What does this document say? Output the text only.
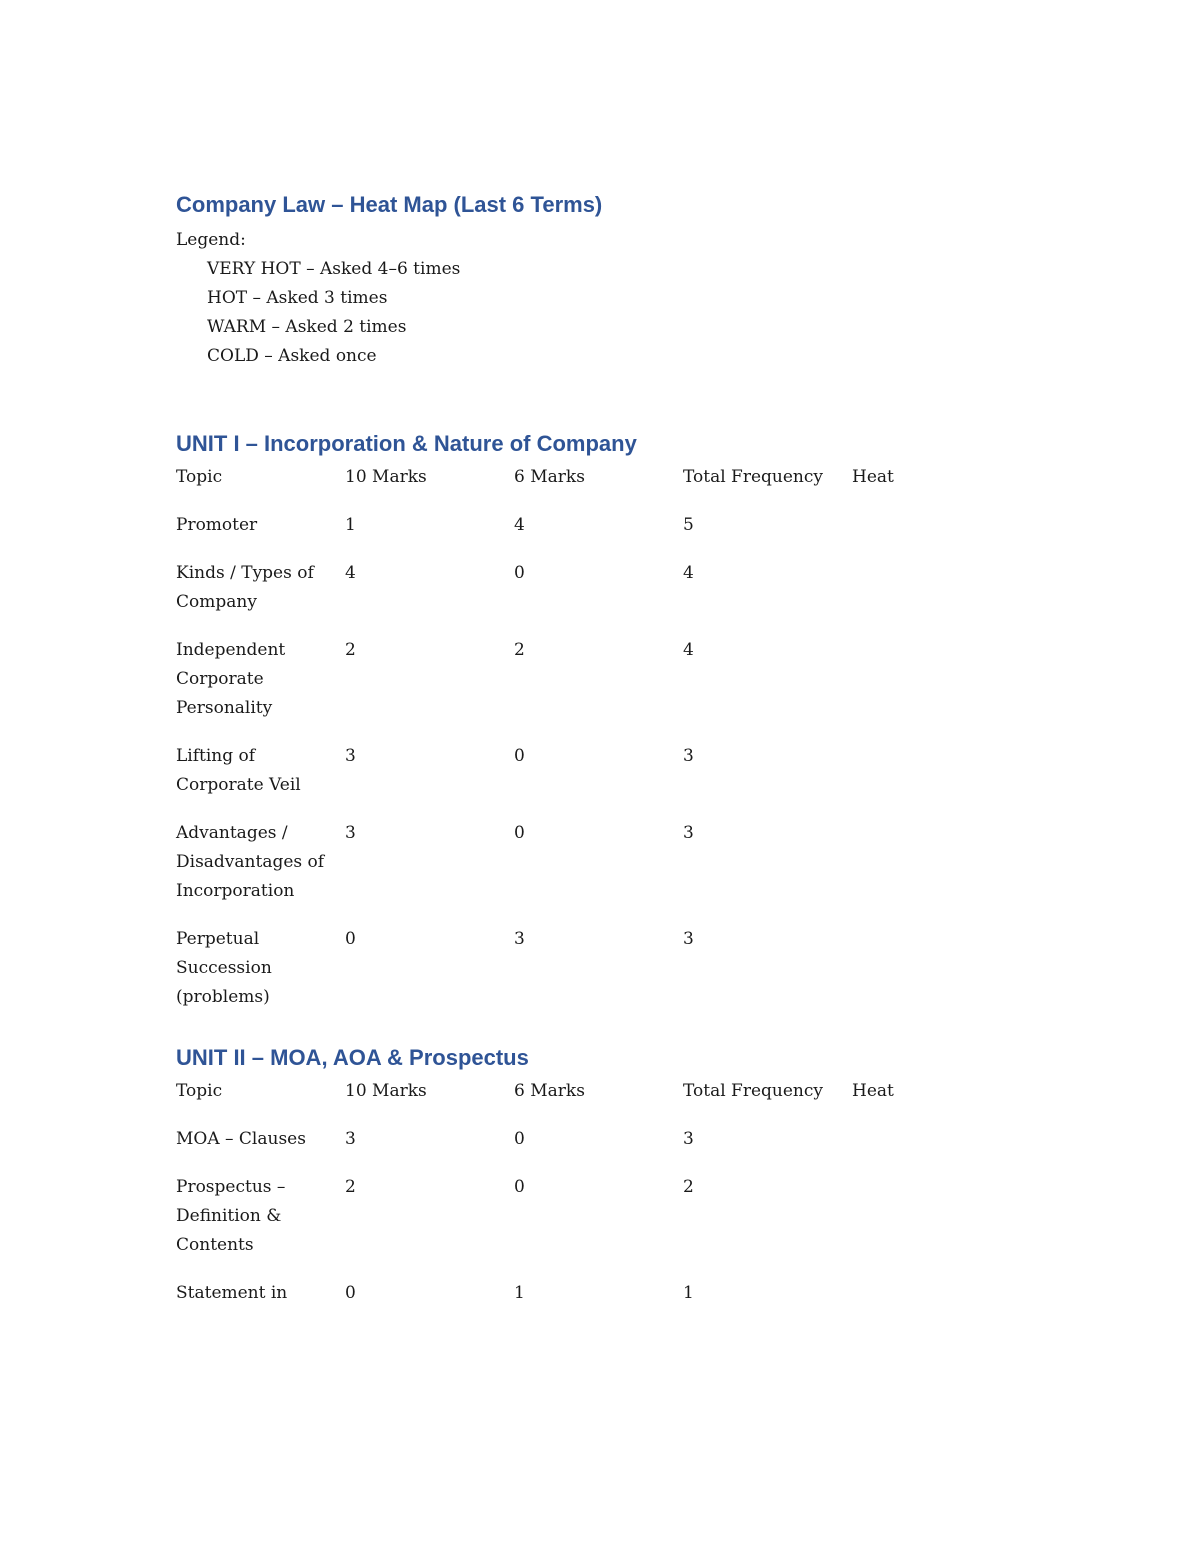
Company Law – Heat Map (Last 6 Terms)
Legend:
VERY HOT – Asked 4–6 times
HOT – Asked 3 times
WARM – Asked 2 times
COLD – Asked once
UNIT I – Incorporation & Nature of Company
Topic	10 Marks	6 Marks	Total Frequency	Heat
Promoter	1	4	5	
Kinds / Types of Company	4	0	4	
Independent Corporate Personality	2	2	4	
Lifting of Corporate Veil	3	0	3	
Advantages / Disadvantages of Incorporation	3	0	3	
Perpetual Succession (problems)	0	3	3	
UNIT II – MOA, AOA & Prospectus
Topic	10 Marks	6 Marks	Total Frequency	Heat
MOA – Clauses	3	0	3	
Prospectus – Definition & Contents	2	0	2	
Statement in	0	1	1	
